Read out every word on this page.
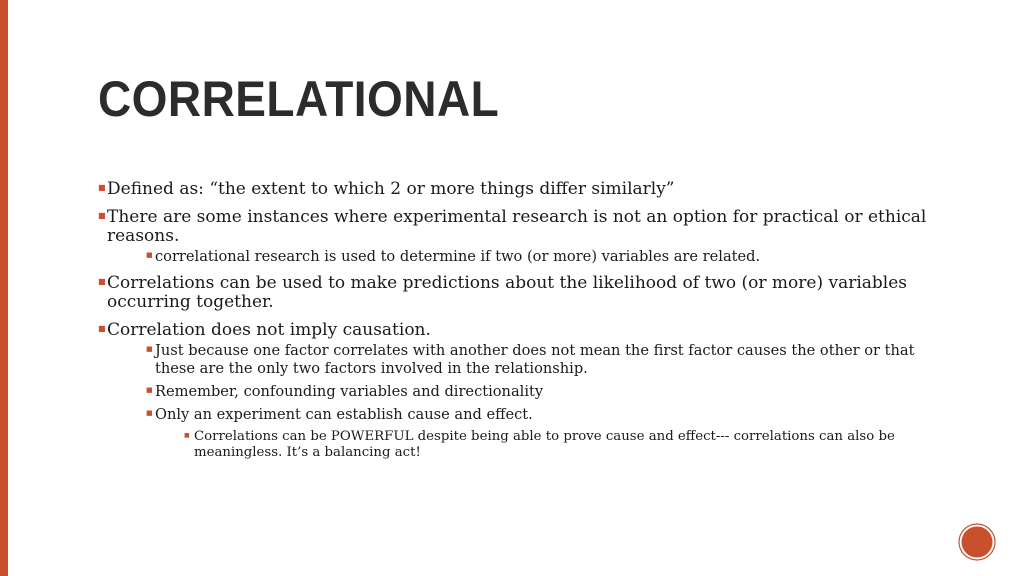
CORRELATIONAL
■ Defined as: “the extent to which 2 or more things differ similarly”
■ There are some instances where experimental research is not an option for practical or ethical reasons.
■ correlational research is used to determine if two (or more) variables are related.
■ Correlations can be used to make predictions about the likelihood of two (or more) variables occurring together.
■ Correlation does not imply causation.
■ Just because one factor correlates with another does not mean the first factor causes the other or that these are the only two factors involved in the relationship.
■ Remember, confounding variables and directionality
■ Only an experiment can establish cause and effect.
■ Correlations can be POWERFUL despite being able to prove cause and effect--- correlations can also be meaningless. It’s a balancing act!
